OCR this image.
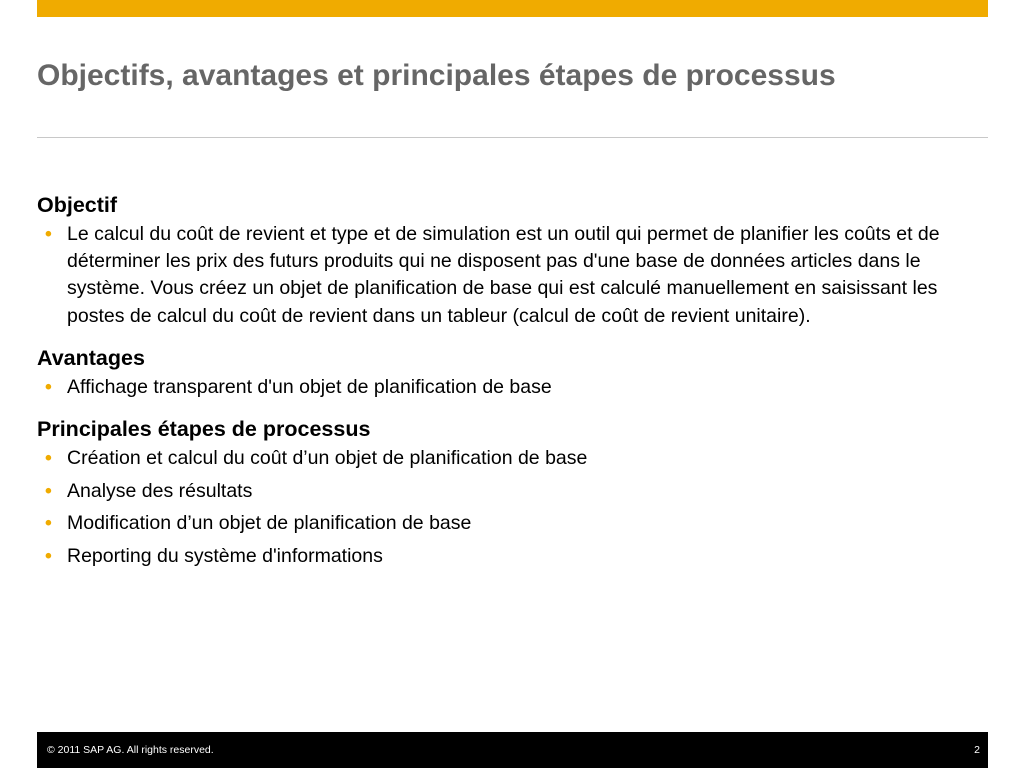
Objectifs, avantages et principales étapes de processus
Objectif
• Le calcul du coût de revient et type et de simulation est un outil qui permet de planifier les coûts et de déterminer les prix des futurs produits qui ne disposent pas d'une base de données articles dans le système. Vous créez un objet de planification de base qui est calculé manuellement en saisissant les postes de calcul du coût de revient dans un tableur (calcul de coût de revient unitaire).
Avantages
• Affichage transparent d'un objet de planification de base
Principales étapes de processus
• Création et calcul du coût d’un objet de planification de base
• Analyse des résultats
• Modification d’un objet de planification de base
• Reporting du système d'informations
© 2011 SAP AG. All rights reserved.	2
